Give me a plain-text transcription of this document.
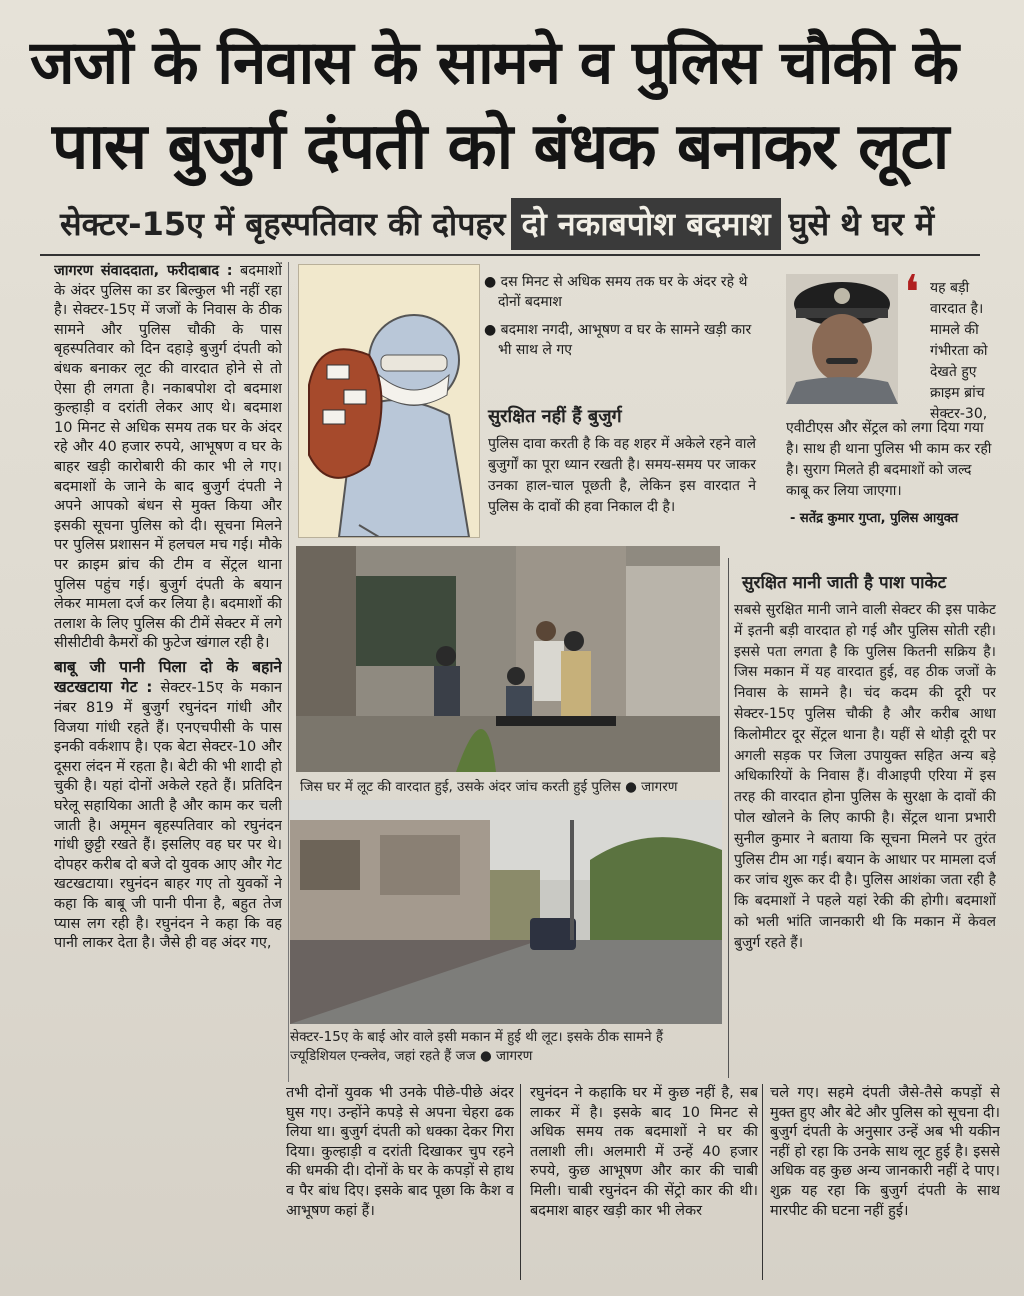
जजों के निवास के सामने व पुलिस चौकी के
पास बुजुर्ग दंपती को बंधक बनाकर लूटा
सेक्टर-15ए में बृहस्पतिवार की दोपहर दो नकाबपोश बदमाश घुसे थे घर में

जागरण संवाददाता, फरीदाबाद : बदमाशों के अंदर पुलिस का डर बिल्कुल भी नहीं रहा है। सेक्टर-15ए में जजों के निवास के ठीक सामने और पुलिस चौकी के पास बृहस्पतिवार को दिन दहाड़े बुजुर्ग दंपती को बंधक बनाकर लूट की वारदात होने से तो ऐसा ही लगता है। नकाबपोश दो बदमाश कुल्हाड़ी व दरांती लेकर आए थे। बदमाश 10 मिनट से अधिक समय तक घर के अंदर रहे और 40 हजार रुपये, आभूषण व घर के बाहर खड़ी कारोबारी की कार भी ले गए। बदमाशों के जाने के बाद बुजुर्ग दंपती ने अपने आपको बंधन से मुक्त किया और इसकी सूचना पुलिस को दी। सूचना मिलने पर पुलिस प्रशासन में हलचल मच गई। मौके पर क्राइम ब्रांच की टीम व सेंट्रल थाना पुलिस पहुंच गई। बुजुर्ग दंपती के बयान लेकर मामला दर्ज कर लिया है। बदमाशों की तलाश के लिए पुलिस की टीमें सेक्टर में लगे सीसीटीवी कैमरों की फुटेज खंगाल रही है।

बाबू जी पानी पिला दो के बहाने खटखटाया गेट : सेक्टर-15ए के मकान नंबर 819 में बुजुर्ग रघुनंदन गांधी और विजया गांधी रहते हैं। एनएचपीसी के पास इनकी वर्कशाप है। एक बेटा सेक्टर-10 और दूसरा लंदन में रहता है। बेटी की भी शादी हो चुकी है। यहां दोनों अकेले रहते हैं। प्रतिदिन घरेलू सहायिका आती है और काम कर चली जाती है। अमूमन बृहस्पतिवार को रघुनंदन गांधी छुट्टी रखते हैं। इसलिए वह घर पर थे। दोपहर करीब दो बजे दो युवक आए और गेट खटखटाया। रघुनंदन बाहर गए तो युवकों ने कहा कि बाबू जी पानी पीना है, बहुत तेज प्यास लग रही है। रघुनंदन ने कहा कि वह पानी लाकर देता है। जैसे ही वह अंदर गए,

● दस मिनट से अधिक समय तक घर के अंदर रहे थे दोनों बदमाश

● बदमाश नगदी, आभूषण व घर के सामने खड़ी कार भी साथ ले गए

सुरक्षित नहीं हैं बुजुर्ग
पुलिस दावा करती है कि वह शहर में अकेले रहने वाले बुजुर्गों का पूरा ध्यान रखती है। समय-समय पर जाकर उनका हाल-चाल पूछती है, लेकिन इस वारदात ने पुलिस के दावों की हवा निकाल दी है।
❛ यह बड़ी वारदात है। मामले की गंभीरता को देखते हुए क्राइम ब्रांच सेक्टर-30,
एवीटीएस और सेंट्रल को लगा दिया गया है। साथ ही थाना पुलिस भी काम कर रही है। सुराग मिलते ही बदमाशों को जल्द काबू कर लिया जाएगा।
- सतेंद्र कुमार गुप्ता, पुलिस आयुक्त
जिस घर में लूट की वारदात हुई, उसके अंदर जांच करती हुई पुलिस ● जागरण
सेक्टर-15ए के बाई ओर वाले इसी मकान में हुई थी लूट। इसके ठीक सामने हैं ज्यूडिशियल एन्क्लेव, जहां रहते हैं जज ● जागरण
सुरक्षित मानी जाती है पाश पाकेट
सबसे सुरक्षित मानी जाने वाली सेक्टर की इस पाकेट में इतनी बड़ी वारदात हो गई और पुलिस सोती रही। इससे पता लगता है कि पुलिस कितनी सक्रिय है। जिस मकान में यह वारदात हुई, वह ठीक जजों के निवास के सामने है। चंद कदम की दूरी पर सेक्टर-15ए पुलिस चौकी है और करीब आधा किलोमीटर दूर सेंट्रल थाना है। यहीं से थोड़ी दूरी पर अगली सड़क पर जिला उपायुक्त सहित अन्य बड़े अधिकारियों के निवास हैं। वीआइपी एरिया में इस तरह की वारदात होना पुलिस के सुरक्षा के दावों की पोल खोलने के लिए काफी है। सेंट्रल थाना प्रभारी सुनील कुमार ने बताया कि सूचना मिलने पर तुरंत पुलिस टीम आ गई। बयान के आधार पर मामला दर्ज कर जांच शुरू कर दी है। पुलिस आशंका जता रही है कि बदमाशों ने पहले यहां रेकी की होगी। बदमाशों को भली भांति जानकारी थी कि मकान में केवल बुजुर्ग रहते हैं।
तभी दोनों युवक भी उनके पीछे-पीछे अंदर घुस गए। उन्होंने कपड़े से अपना चेहरा ढक लिया था। बुजुर्ग दंपती को धक्का देकर गिरा दिया। कुल्हाड़ी व दरांती दिखाकर चुप रहने की धमकी दी। दोनों के घर के कपड़ों से हाथ व पैर बांध दिए। इसके बाद पूछा कि कैश व आभूषण कहां हैं।
रघुनंदन ने कहाकि घर में कुछ नहीं है, सब लाकर में है। इसके बाद 10 मिनट से अधिक समय तक बदमाशों ने घर की तलाशी ली। अलमारी में उन्हें 40 हजार रुपये, कुछ आभूषण और कार की चाबी मिली। चाबी रघुनंदन की सेंट्रो कार की थी। बदमाश बाहर खड़ी कार भी लेकर
चले गए। सहमे दंपती जैसे-तैसे कपड़ों से मुक्त हुए और बेटे और पुलिस को सूचना दी। बुजुर्ग दंपती के अनुसार उन्हें अब भी यकीन नहीं हो रहा कि उनके साथ लूट हुई है। इससे अधिक वह कुछ अन्य जानकारी नहीं दे पाए। शुक्र यह रहा कि बुजुर्ग दंपती के साथ मारपीट की घटना नहीं हुई।
